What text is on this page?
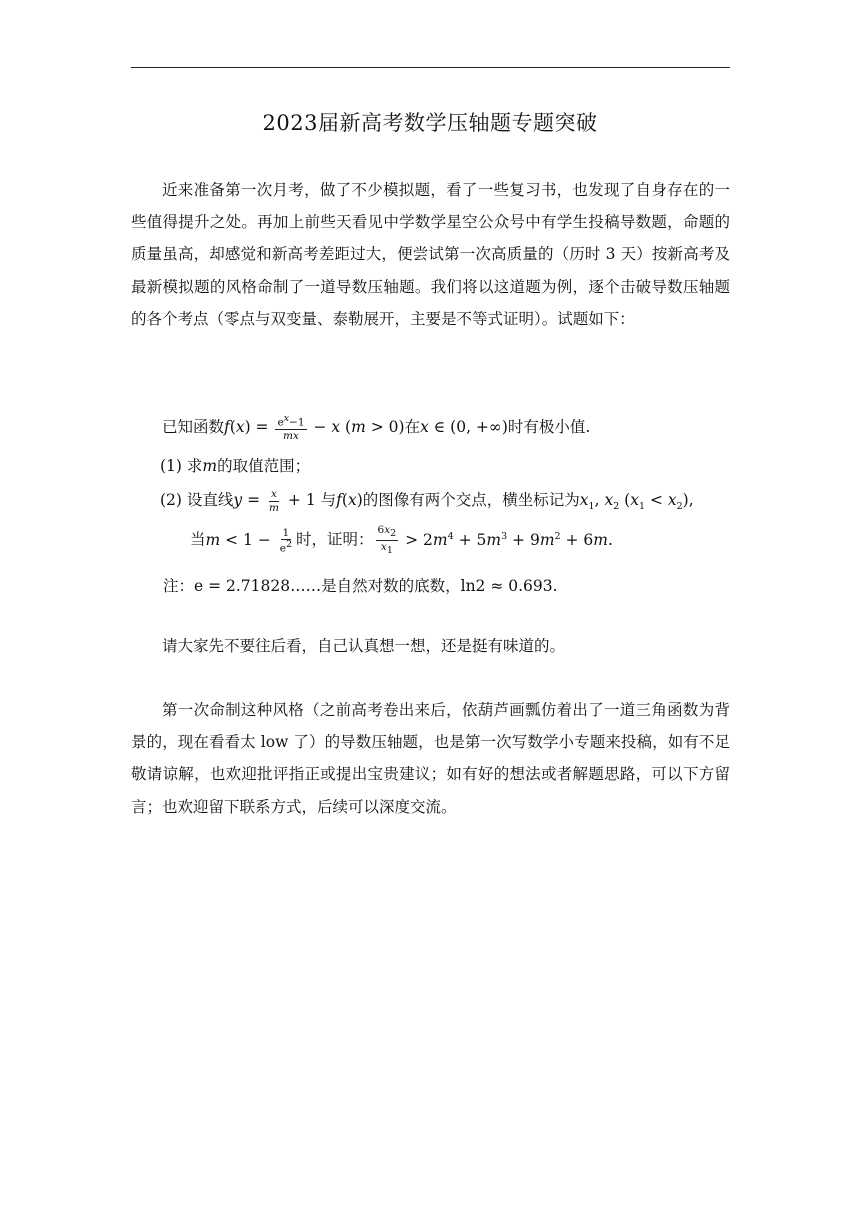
2023届新高考数学压轴题专题突破
近来准备第一次月考，做了不少模拟题，看了一些复习书，也发现了自身存在的一些值得提升之处。再加上前些天看见中学数学星空公众号中有学生投稿导数题，命题的质量虽高，却感觉和新高考差距过大，便尝试第一次高质量的（历时 3 天）按新高考及最新模拟题的风格命制了一道导数压轴题。我们将以这道题为例，逐个击破导数压轴题的各个考点（零点与双变量、泰勒展开，主要是不等式证明）。试题如下：
已知函数$f(x) = \frac{e^x-1}{mx} - x$ (m > 0)在x ∈ (0, +∞)时有极小值.
(1) 求m的取值范围；
(2) 设直线$y = \frac{x}{m} + 1$ 与f(x)的图像有两个交点，横坐标记为$x_1$, $x_2$ $(x_1 < x_2)$,
当$m < 1 - \frac{1}{e^2}$ 时，证明： $\frac{6x_2}{x_1} > 2m^4 + 5m^3 + 9m^2 + 6m$.
注：e = 2.71828……是自然对数的底数，ln2 ≈ 0.693.
请大家先不要往后看，自己认真想一想，还是挺有味道的。
第一次命制这种风格（之前高考卷出来后，依葫芦画瓢仿着出了一道三角函数为背景的，现在看看太 low 了）的导数压轴题，也是第一次写数学小专题来投稿，如有不足敬请谅解，也欢迎批评指正或提出宝贵建议；如有好的想法或者解题思路，可以下方留言；也欢迎留下联系方式，后续可以深度交流。
